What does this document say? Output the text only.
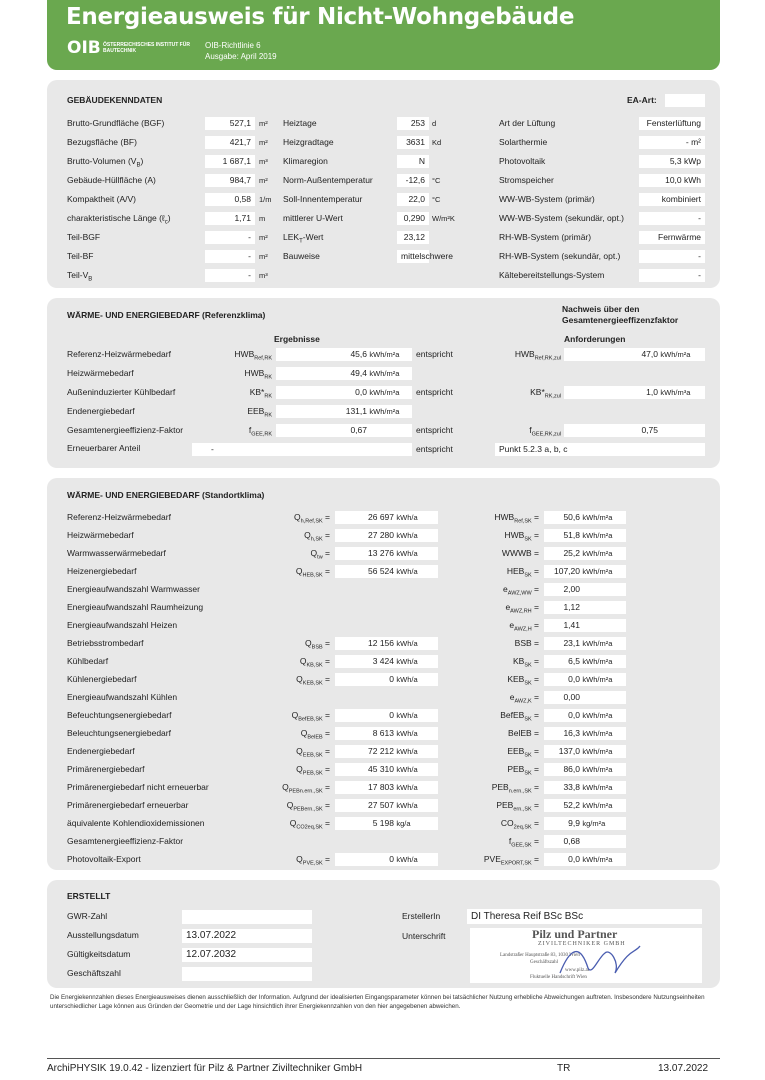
Energieausweis für Nicht-Wohngebäude
OIB ÖSTERREICHISCHES INSTITUT FÜR BAUTECHNIK
OIB-Richtlinie 6
Ausgabe: April 2019
GEBÄUDEKENNDATEN	EA-Art:
Brutto-Grundfläche (BGF)	527,1	m²
Bezugsfläche (BF)	421,7	m²
Brutto-Volumen $(V_B)$	1 687,1	m³
Gebäude-Hüllfläche (A)	984,7	m²
Kompaktheit (A/V)	0,58	1/m
charakteristische Länge (ℓ$_c$)	1,71	m
Teil-BGF	-	m²
Teil-BF	-	m²
Teil-$V_B$	-	m³
Heiztage	253 d
Heizgradtage	3631 Kd
Klimaregion	N
Norm-Außentemperatur	-12,6 °C
Soll-Innentemperatur	22,0 °C
mittlerer U-Wert	0,290 W/m²K
$LEK_T$-Wert	23,12
Bauweise	mittelschwere
Art der Lüftung	Fensterlüftung
Solarthermie	- m²
Photovoltaik	5,3 kWp
Stromspeicher	10,0 kWh
WW-WB-System (primär)	kombiniert
WW-WB-System (sekundär, opt.)	-
RH-WB-System (primär)	Fernwärme
RH-WB-System (sekundär, opt.)	-
Kältebereitstellungs-System	-
WÄRME- UND ENERGIEBEDARF (Referenzklima)
Nachweis über den Gesamtenergieeffizenzfaktor
Ergebnisse	Anforderungen
Referenz-Heizwärmebedarf	$HWB_{Ref,RK}$	45,6 kWh/m²a	entspricht	$HWB_{Ref,RK,zul}$	47,0 kWh/m²a
Heizwärmebedarf	$HWB_{RK}$	49,4 kWh/m²a
Außeninduzierter Kühlbedarf	$KB*_{RK}$	0,0 kWh/m³a	entspricht	$KB*_{RK,zul}$	1,0 kWh/m³a
Endenergiebedarf	$EEB_{RK}$	131,1 kWh/m²a
Gesamtenergieeffizienz-Faktor	$f_{GEE,RK}$	0,67	entspricht	$f_{GEE,RK,zul}$	0,75
Erneuerbarer Anteil	-	entspricht	Punkt 5.2.3 a, b, c
WÄRME- UND ENERGIEBEDARF (Standortklima)
Referenz-Heizwärmebedarf	$Q_{h,Ref,SK}$ =	26 697 kWh/a	$HWB_{Ref,SK}$ =	50,6 kWh/m²a
Heizwärmebedarf	$Q_{h,SK}$ =	27 280 kWh/a	$HWB_{SK}$ =	51,8 kWh/m²a
Warmwasserwärmebedarf	$Q_{tw}$ =	13 276 kWh/a	WWWB =	25,2 kWh/m²a
Heizenergiebedarf	$Q_{HEB,SK}$ =	56 524 kWh/a	$HEB_{SK}$ =	107,20 kWh/m²a
Energieaufwandszahl Warmwasser	$e_{AWZ,WW}$ =	2,00
Energieaufwandszahl Raumheizung	$e_{AWZ,RH}$ =	1,12
Energieaufwandszahl Heizen	$e_{AWZ,H}$ =	1,41
Betriebsstrombedarf	$Q_{BSB}$ =	12 156 kWh/a	BSB =	23,1 kWh/m²a
Kühlbedarf	$Q_{KB,SK}$ =	3 424 kWh/a	$KB_{SK}$ =	6,5 kWh/m²a
Kühlenergiebedarf	$Q_{KEB,SK}$ =	0 kWh/a	$KEB_{SK}$ =	0,0 kWh/m²a
Energieaufwandszahl Kühlen	$e_{AWZ,K}$ =	0,00
Befeuchtungsenergiebedarf	$Q_{BefEB,SK}$ =	0 kWh/a	BefEB$_{SK}$ =	0,0 kWh/m²a
Beleuchtungsenergiebedarf	$Q_{BelEB}$ =	8 613 kWh/a	BelEB =	16,3 kWh/m²a
Endenergiebedarf	$Q_{EEB,SK}$ =	72 212 kWh/a	$EEB_{SK}$ =	137,0 kWh/m²a
Primärenergiebedarf	$Q_{PEB,SK}$ =	45 310 kWh/a	$PEB_{SK}$ =	86,0 kWh/m²a
Primärenergiebedarf nicht erneuerbar	$Q_{PEBn.ern.,SK}$ =	17 803 kWh/a	$PEB_{n.ern.,SK}$ =	33,8 kWh/m²a
Primärenergiebedarf erneuerbar	$Q_{PEBern.,SK}$ =	27 507 kWh/a	$PEB_{ern.,SK}$ =	52,2 kWh/m²a
äquivalente Kohlendioxidemissionen	$Q_{CO2eq,SK}$ =	5 198 kg/a	$CO_{2eq,SK}$ =	9,9 kg/m²a
Gesamtenergieeffizienz-Faktor	$f_{GEE,SK}$ =	0,68
Photovoltaik-Export	$Q_{PVE,SK}$ =	0 kWh/a	$PVE_{EXPORT,SK}$ =	0,0 kWh/m²a
ERSTELLT
GWR-Zahl
Ausstellungsdatum	13.07.2022
Gültigkeitsdatum	12.07.2032
Geschäftszahl
ErstellerIn	DI Theresa Reif BSc BSc
Unterschrift	Pilz und Partner
ZIVILTECHNIKER GMBH
Landstraßer Hauptstraße 83, 1030 Wien
Geschäftszahl
www.pilz.at
Fluktuelle Handschrift Wien
Die Energiekennzahlen dieses Energieausweises dienen ausschließlich der Information. Aufgrund der idealisierten Eingangsparameter können bei tatsächlicher Nutzung erhebliche Abweichungen auftreten. Insbesondere Nutzungseinheiten unterschiedlicher Lage können aus Gründen der Geometrie und der Lage hinsichtlich ihrer Energiekennzahlen von den hier angegebenen abweichen.
ArchiPHYSIK 19.0.42 - lizenziert für Pilz & Partner Ziviltechniker GmbH	TR	13.07.2022
